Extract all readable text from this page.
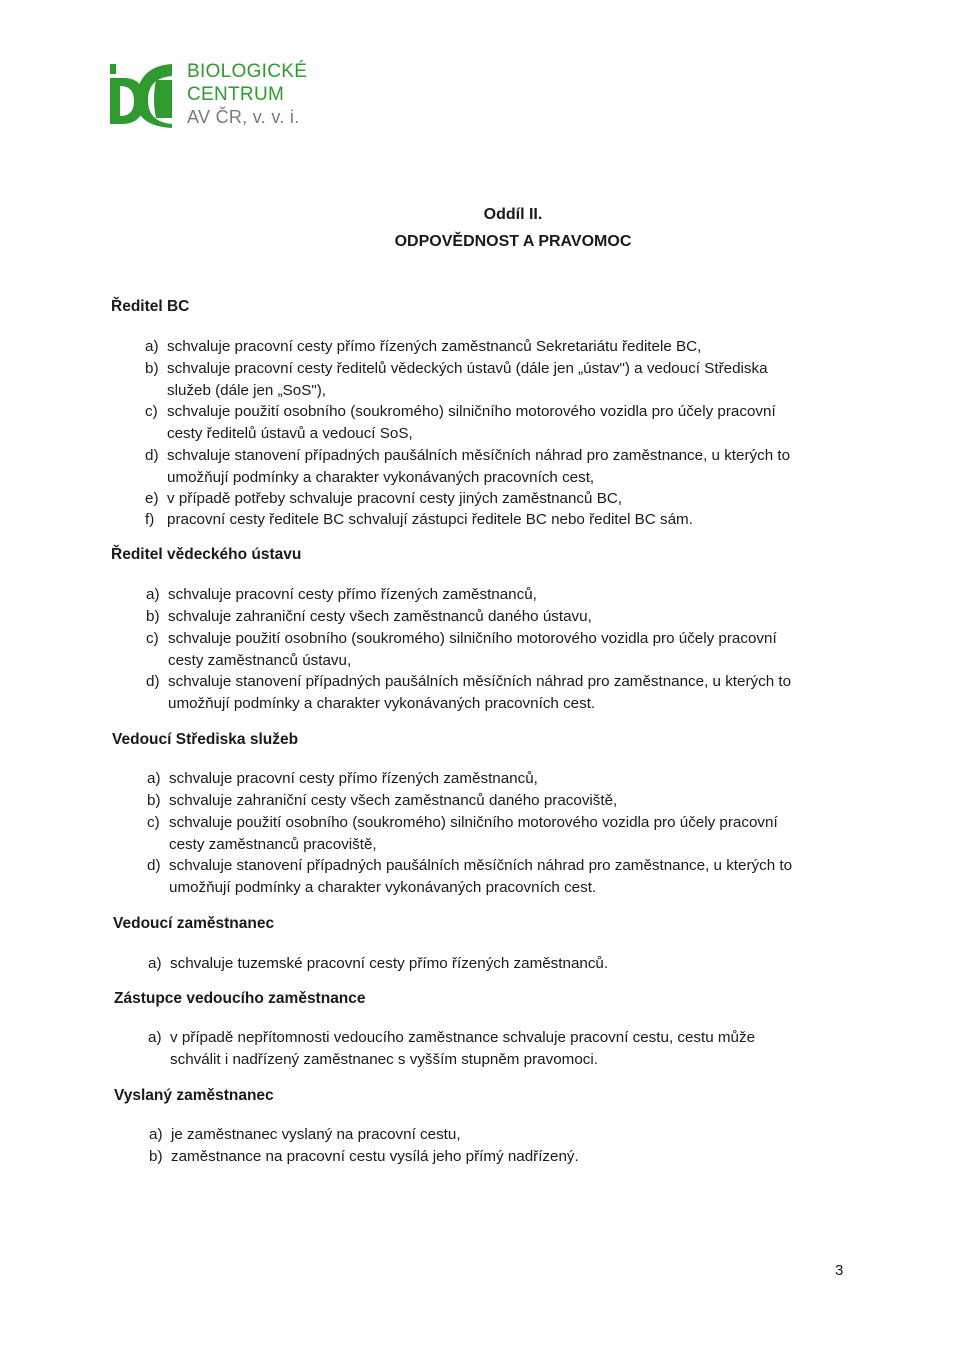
BIOLOGICKÉ
CENTRUM
AV ČR, v. v. i.
Oddíl II.
ODPOVĚDNOST A PRAVOMOC
Ředitel BC
a) schvaluje pracovní cesty přímo řízených zaměstnanců Sekretariátu ředitele BC,
b) schvaluje pracovní cesty ředitelů vědeckých ústavů (dále jen „ústav") a vedoucí Střediska
služeb (dále jen „SoS"),
c) schvaluje použití osobního (soukromého) silničního motorového vozidla pro účely pracovní
cesty ředitelů ústavů a vedoucí SoS,
d) schvaluje stanovení případných paušálních měsíčních náhrad pro zaměstnance, u kterých to
umožňují podmínky a charakter vykonávaných pracovních cest,
e) v případě potřeby schvaluje pracovní cesty jiných zaměstnanců BC,
f) pracovní cesty ředitele BC schvalují zástupci ředitele BC nebo ředitel BC sám.
Ředitel vědeckého ústavu
a) schvaluje pracovní cesty přímo řízených zaměstnanců,
b) schvaluje zahraniční cesty všech zaměstnanců daného ústavu,
c) schvaluje použití osobního (soukromého) silničního motorového vozidla pro účely pracovní
cesty zaměstnanců ústavu,
d) schvaluje stanovení případných paušálních měsíčních náhrad pro zaměstnance, u kterých to
umožňují podmínky a charakter vykonávaných pracovních cest.
Vedoucí Střediska služeb
a) schvaluje pracovní cesty přímo řízených zaměstnanců,
b) schvaluje zahraniční cesty všech zaměstnanců daného pracoviště,
c) schvaluje použití osobního (soukromého) silničního motorového vozidla pro účely pracovní
cesty zaměstnanců pracoviště,
d) schvaluje stanovení případných paušálních měsíčních náhrad pro zaměstnance, u kterých to
umožňují podmínky a charakter vykonávaných pracovních cest.
Vedoucí zaměstnanec
a) schvaluje tuzemské pracovní cesty přímo řízených zaměstnanců.
Zástupce vedoucího zaměstnance
a) v případě nepřítomnosti vedoucího zaměstnance schvaluje pracovní cestu, cestu může
schválit i nadřízený zaměstnanec s vyšším stupněm pravomoci.
Vyslaný zaměstnanec
a) je zaměstnanec vyslaný na pracovní cestu,
b) zaměstnance na pracovní cestu vysílá jeho přímý nadřízený.
3
